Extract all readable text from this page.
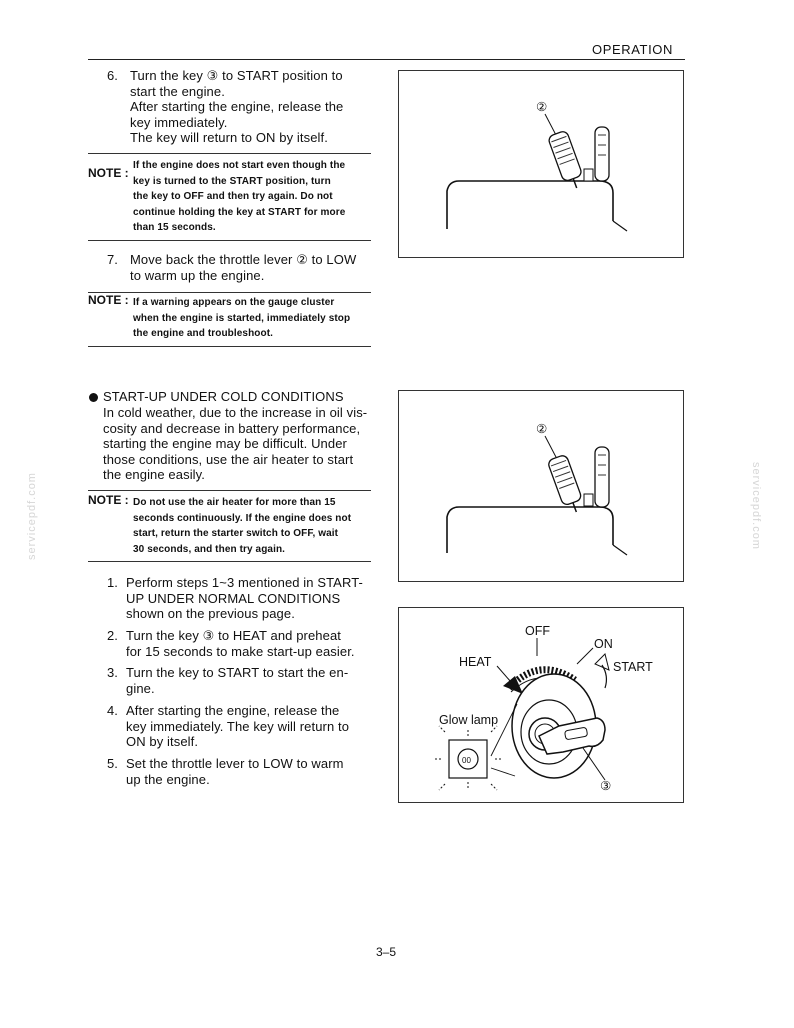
OPERATION
6. Turn the key ③ to START position to
start the engine.
After starting the engine, release the
key immediately.
The key will return to ON by itself.
NOTE :
If the engine does not start even though the
key is turned to the START position, turn
the key to OFF and then try again. Do not
continue holding the key at START for more
than 15 seconds.
7. Move back the throttle lever ② to LOW
to warm up the engine.
NOTE : If a warning appears on the gauge cluster
when the engine is started, immediately stop
the engine and troubleshoot.
②
START-UP UNDER COLD CONDITIONS
In cold weather, due to the increase in oil vis-
cosity and decrease in battery performance,
starting the engine may be difficult. Under
those conditions, use the air heater to start
the engine easily.
NOTE : Do not use the air heater for more than 15
seconds continuously. If the engine does not
start, return the starter switch to OFF, wait
30 seconds, and then try again.
②
1. Perform steps 1~3 mentioned in START-
UP UNDER NORMAL CONDITIONS
shown on the previous page.
2. Turn the key ③ to HEAT and preheat
for 15 seconds to make start-up easier.
3. Turn the key to START to start the en-
gine.
4. After starting the engine, release the
key immediately. The key will return to
ON by itself.
5. Set the throttle lever to LOW to warm
up the engine.
OFF
ON
HEAT	START
③
Glow lamp
00
servicepdf.com	servicepdf.com
3–5
